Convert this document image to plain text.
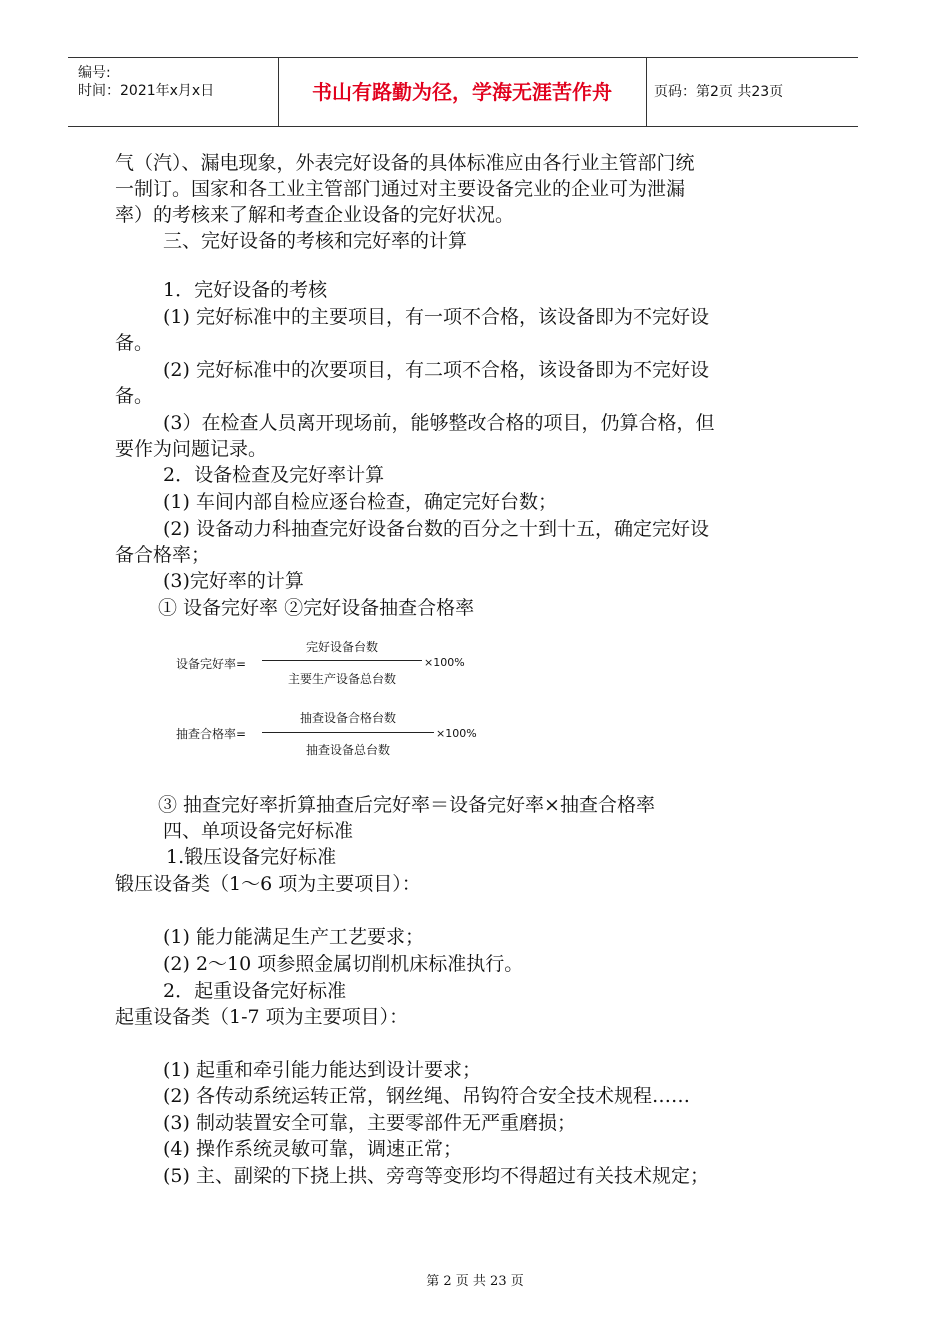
编号:
时间：2021年x月x日	书山有路勤为径，学海无涯苦作舟	页码：第2页 共23页
气（汽）、漏电现象，外表完好设备的具体标准应由各行业主管部门统
一制订。国家和各工业主管部门通过对主要设备完业的企业可为泄漏
率）的考核来了解和考查企业设备的完好状况。
三、完好设备的考核和完好率的计算
1．完好设备的考核
(1) 完好标准中的主要项目，有一项不合格，该设备即为不完好设
备。
(2) 完好标准中的次要项目，有二项不合格，该设备即为不完好设
备。
(3）在检查人员离开现场前，能够整改合格的项目，仍算合格，但
要作为问题记录。
2．设备检查及完好率计算
(1) 车间内部自检应逐台检查，确定完好台数；
(2) 设备动力科抽查完好设备台数的百分之十到十五，确定完好设
备合格率；
(3)完好率的计算
① 设备完好率 ②完好设备抽查合格率
设备完好率=
完好设备台数
主要生产设备总台数
×100%
抽查合格率=
抽查设备合格台数
抽查设备总台数
×100%
③ 抽查完好率折算抽查后完好率＝设备完好率×抽查合格率
四、单项设备完好标准
1.锻压设备完好标准
锻压设备类（1～6 项为主要项目）：
(1) 能力能满足生产工艺要求；
(2) 2～10 项参照金属切削机床标准执行。
2．起重设备完好标准
起重设备类（1-7 项为主要项目）：
(1) 起重和牵引能力能达到设计要求；
(2) 各传动系统运转正常，钢丝绳、吊钩符合安全技术规程……
(3) 制动装置安全可靠，主要零部件无严重磨损；
(4) 操作系统灵敏可靠，调速正常；
(5) 主、副梁的下挠上拱、旁弯等变形均不得超过有关技术规定；
第 2 页 共 23 页
